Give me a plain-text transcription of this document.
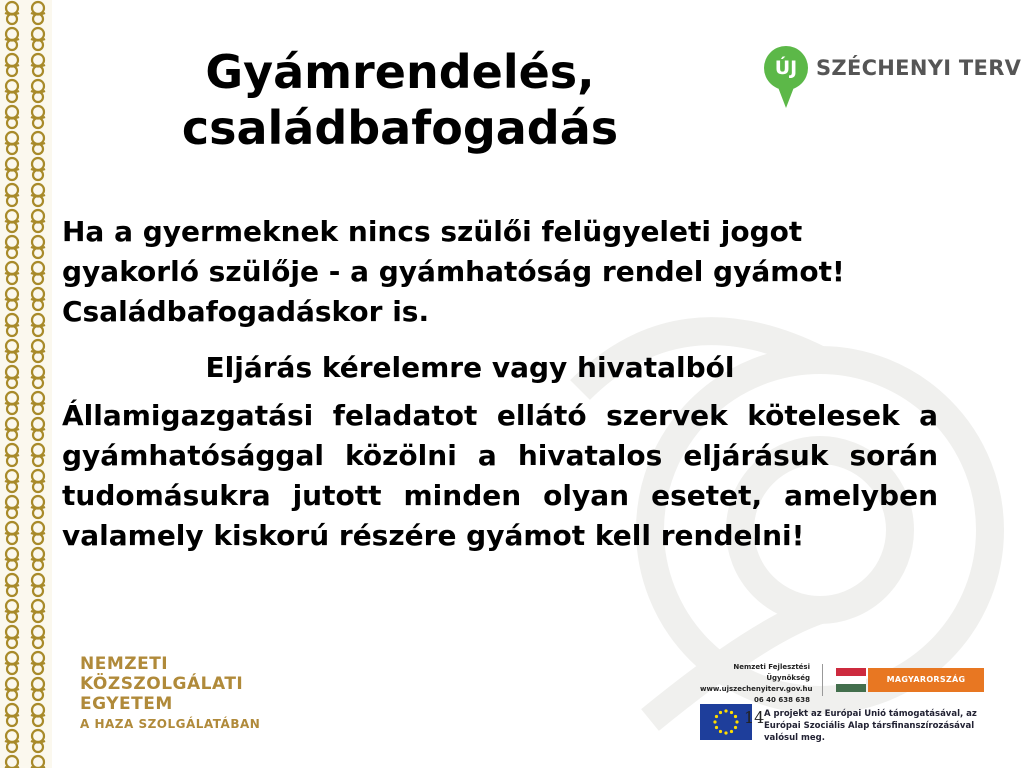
Gyámrendelés,
családbafogadás
ÚJ SZÉCHENYI TERV
Ha a gyermeknek nincs szülői felügyeleti jogot gyakorló szülője - a gyámhatóság rendel gyámot! Családbafogadáskor is.
Eljárás kérelemre vagy hivatalból
Államigazgatási feladatot ellátó szervek kötelesek a gyámhatósággal közölni a hivatalos eljárásuk során tudomásukra jutott minden olyan esetet, amelyben valamely kiskorú részére gyámot kell rendelni!
NEMZETI
KÖZSZOLGÁLATI
EGYETEM
A HAZA SZOLGÁLATÁBAN
Nemzeti Fejlesztési Ügynökség
www.ujszechenyiterv.gov.hu
06 40 638 638
MAGYARORSZÁG MEGÚJUL
14 A projekt az Európai Unió támogatásával, az Európai Szociális Alap társfinanszírozásával valósul meg.
